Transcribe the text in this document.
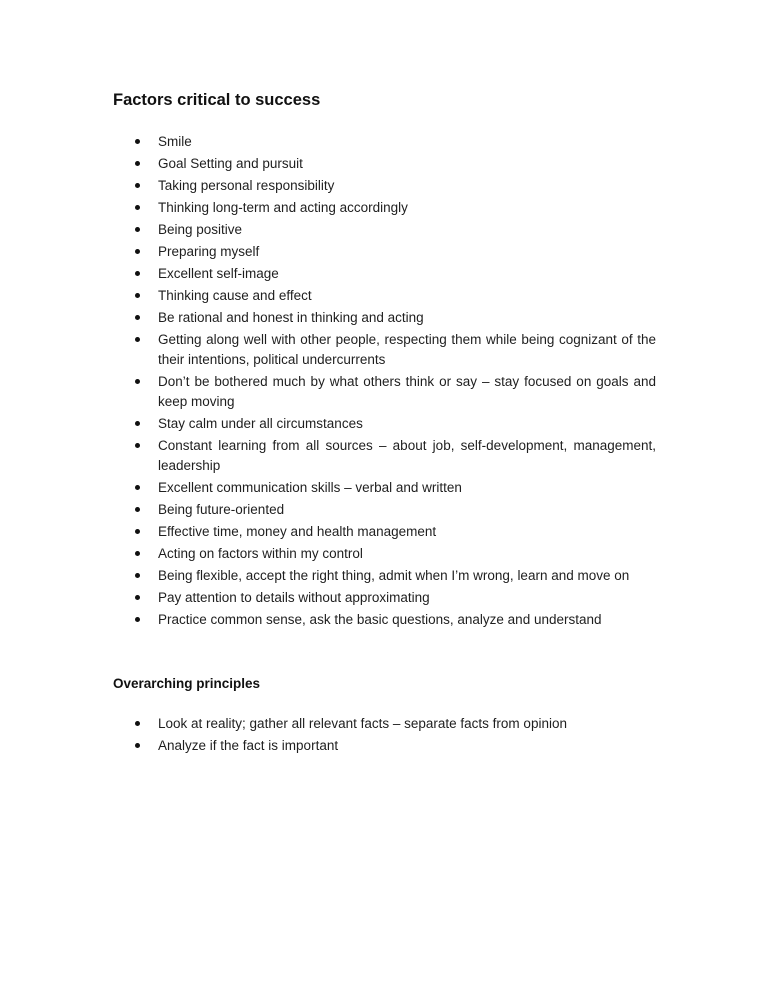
Factors critical to success
Smile
Goal Setting and pursuit
Taking personal responsibility
Thinking long-term and acting accordingly
Being positive
Preparing myself
Excellent self-image
Thinking cause and effect
Be rational and honest in thinking and acting
Getting along well with other people, respecting them while being cognizant of the their intentions, political undercurrents
Don’t be bothered much by what others think or say – stay focused on goals and keep moving
Stay calm under all circumstances
Constant learning from all sources – about job, self-development, management, leadership
Excellent communication skills – verbal and written
Being future-oriented
Effective time, money and health management
Acting on factors within my control
Being flexible, accept the right thing, admit when I’m wrong, learn and move on
Pay attention to details without approximating
Practice common sense, ask the basic questions, analyze and understand
Overarching principles
Look at reality; gather all relevant facts – separate facts from opinion
Analyze if the fact is important
